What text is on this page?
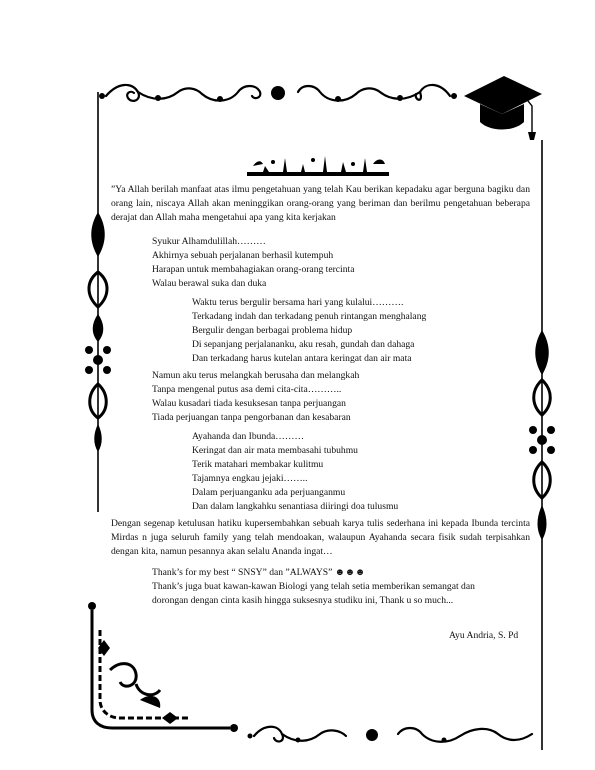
”Ya Allah berilah manfaat atas ilmu pengetahuan yang telah Kau berikan kepadaku agar berguna bagiku dan orang lain, niscaya Allah akan meninggikan orang-orang yang beriman dan berilmu pengetahuan beberapa derajat dan Allah maha mengetahui apa yang kita kerjakan
Syukur Alhamdulillah………
Akhirnya sebuah perjalanan berhasil kutempuh
Harapan untuk membahagiakan orang-orang tercinta
Walau berawal suka dan duka
Waktu terus bergulir bersama hari yang kulalui……….
Terkadang indah dan terkadang penuh rintangan menghalang
Bergulir dengan berbagai problema hidup
Di sepanjang perjalananku, aku resah, gundah dan dahaga
Dan terkadang harus kutelan antara keringat dan air mata
Namun aku terus melangkah berusaha dan melangkah
Tanpa mengenal putus asa demi cita-cita………..
Walau kusadari tiada kesuksesan tanpa perjuangan
Tiada perjuangan tanpa pengorbanan dan kesabaran
Ayahanda dan Ibunda………
Keringat dan air mata membasahi tubuhmu
Terik matahari membakar kulitmu
Tajamnya engkau jejaki……..
Dalam perjuanganku ada perjuanganmu
Dan dalam langkahku senantiasa diiringi doa tulusmu
Dengan segenap ketulusan hatiku kupersembahkan sebuah karya tulis sederhana ini kepada Ibunda tercinta Mirdas n juga seluruh family yang telah mendoakan, walaupun Ayahanda secara fisik sudah terpisahkan dengan kita, namun pesannya akan selalu Ananda ingat…
Thank’s for my best “ SNSY” dan ”ALWAYS” ☻☻☻
Thank’s juga buat kawan-kawan Biologi yang telah setia memberikan semangat dan
dorongan dengan cinta kasih hingga suksesnya studiku ini, Thank u so much...
Ayu Andria, S. Pd
